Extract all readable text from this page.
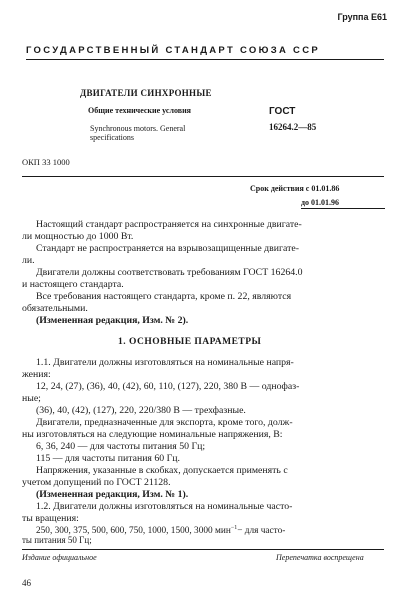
Группа Е61
ГОСУДАРСТВЕННЫЙ СТАНДАРТ СОЮЗА ССР
ДВИГАТЕЛИ СИНХРОННЫЕ
Общие технические условия
Synchronous motors. General specifications
ГОСТ
16264.2—85
ОКП 33 1000
Срок действия с 01.01.86
до 01.01.96
Настоящий стандарт распространяется на синхронные двигате-
ли мощностью до 1000 Вт.
Стандарт не распространяется на взрывозащищенные двигате-
ли.
Двигатели должны соответствовать требованиям ГОСТ 16264.0
и настоящего стандарта.
Все требования настоящего стандарта, кроме п. 22, являются
обязательными.
(Измененная редакция, Изм. № 2).
1. ОСНОВНЫЕ ПАРАМЕТРЫ
1.1. Двигатели должны изготовляться на номинальные напря-
жения:
12, 24, (27), (36), 40, (42), 60, 110, (127), 220, 380 В — однофаз-
ные;
(36), 40, (42), (127), 220, 220/380 В — трехфазные.
Двигатели, предназначенные для экспорта, кроме того, долж-
ны изготовляться на следующие номинальные напряжения, В:
6, 36, 240 — для частоты питания 50 Гц;
115 — для частоты питания 60 Гц.
Напряжения, указанные в скобках, допускается применять с
учетом допущений по ГОСТ 21128.
(Измененная редакция, Изм. № 1).
1.2. Двигатели должны изготовляться на номинальные часто-
ты вращения:
250, 300, 375, 500, 600, 750, 1000, 1500, 3000 мин$^{-1}$− для часто-
ты питания 50 Гц;
Издание официальное	Перепечатка воспрещена
46
